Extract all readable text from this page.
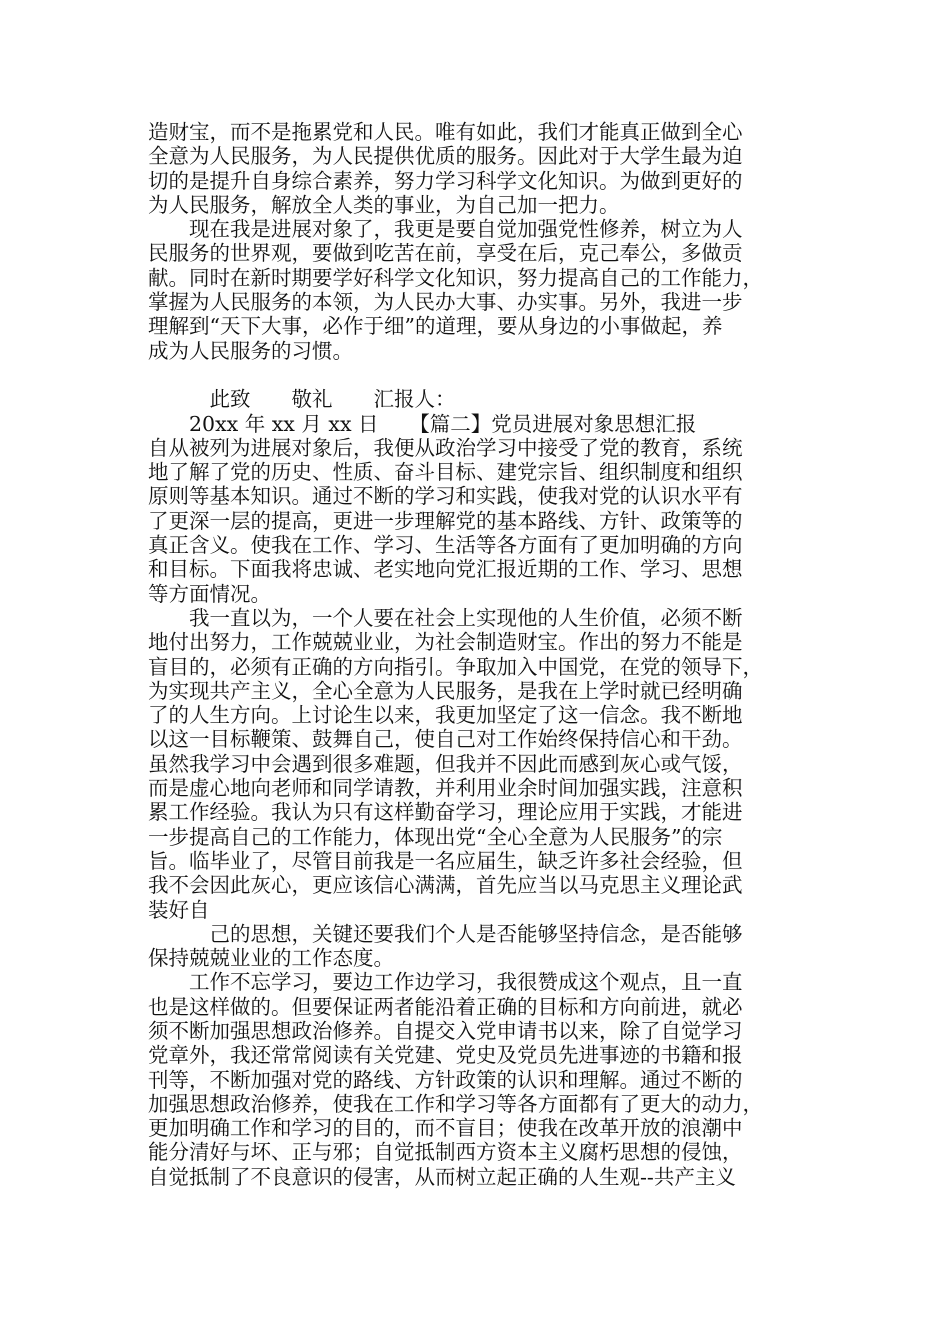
造财宝，而不是拖累党和人民。唯有如此，我们才能真正做到全心
全意为人民服务，为人民提供优质的服务。因此对于大学生最为迫
切的是提升自身综合素养，努力学习科学文化知识。为做到更好的
为人民服务，解放全人类的事业，为自己加一把力。
　　现在我是进展对象了，我更是要自觉加强党性修养，树立为人
民服务的世界观，要做到吃苦在前，享受在后，克己奉公，多做贡
献。同时在新时期要学好科学文化知识，努力提高自己的工作能力，
掌握为人民服务的本领，为人民办大事、办实事。另外，我进一步
理解到“天下大事，必作于细”的道理，要从身边的小事做起，养
成为人民服务的习惯。
　　　此致　　敬礼　　汇报人：
　　20xx 年 xx 月 xx 日　　【篇二】党员进展对象思想汇报
自从被列为进展对象后，我便从政治学习中接受了党的教育，系统
地了解了党的历史、性质、奋斗目标、建党宗旨、组织制度和组织
原则等基本知识。通过不断的学习和实践，使我对党的认识水平有
了更深一层的提高，更进一步理解党的基本路线、方针、政策等的
真正含义。使我在工作、学习、生活等各方面有了更加明确的方向
和目标。下面我将忠诚、老实地向党汇报近期的工作、学习、思想
等方面情况。
　　我一直以为，一个人要在社会上实现他的人生价值，必须不断
地付出努力，工作兢兢业业，为社会制造财宝。作出的努力不能是
盲目的，必须有正确的方向指引。争取加入中国党，在党的领导下，
为实现共产主义，全心全意为人民服务，是我在上学时就已经明确
了的人生方向。上讨论生以来，我更加坚定了这一信念。我不断地
以这一目标鞭策、鼓舞自己，使自己对工作始终保持信心和干劲。
虽然我学习中会遇到很多难题，但我并不因此而感到灰心或气馁，
而是虚心地向老师和同学请教，并利用业余时间加强实践，注意积
累工作经验。我认为只有这样勤奋学习，理论应用于实践，才能进
一步提高自己的工作能力，体现出党“全心全意为人民服务”的宗
旨。临毕业了，尽管目前我是一名应届生，缺乏许多社会经验，但
我不会因此灰心，更应该信心满满，首先应当以马克思主义理论武
装好自
　　　己的思想，关键还要我们个人是否能够坚持信念，是否能够
保持兢兢业业的工作态度。
　　工作不忘学习，要边工作边学习，我很赞成这个观点，且一直
也是这样做的。但要保证两者能沿着正确的目标和方向前进，就必
须不断加强思想政治修养。自提交入党申请书以来，除了自觉学习
党章外，我还常常阅读有关党建、党史及党员先进事迹的书籍和报
刊等，不断加强对党的路线、方针政策的认识和理解。通过不断的
加强思想政治修养，使我在工作和学习等各方面都有了更大的动力，
更加明确工作和学习的目的，而不盲目；使我在改革开放的浪潮中
能分清好与坏、正与邪；自觉抵制西方资本主义腐朽思想的侵蚀，
自觉抵制了不良意识的侵害，从而树立起正确的人生观--共产主义
